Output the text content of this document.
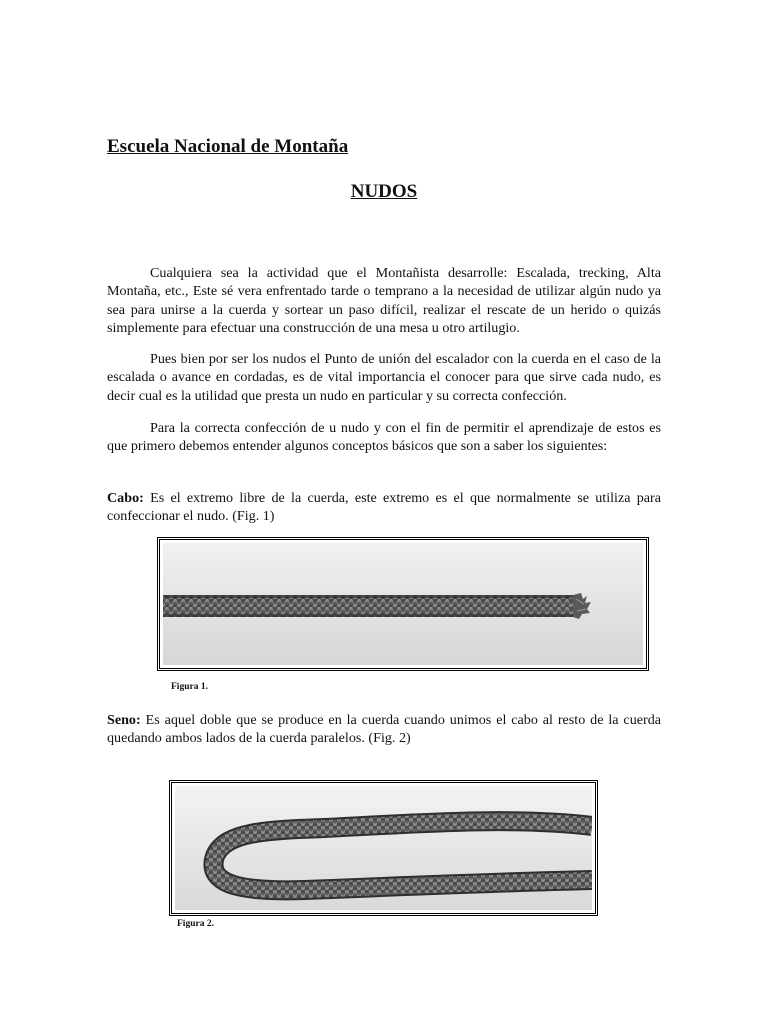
Escuela Nacional de Montaña
NUDOS

Cualquiera sea la actividad que el Montañista desarrolle: Escalada, trecking, Alta Montaña, etc., Este sé vera enfrentado tarde o temprano a la necesidad de utilizar algún nudo ya sea para unirse a la cuerda y sortear un paso difícil, realizar el rescate de un herido o quizás simplemente para efectuar una construcción de una mesa u otro artilugio.

Pues bien por ser los nudos el Punto de unión del escalador con la cuerda en el caso de la escalada o avance en cordadas, es de vital importancia el conocer para que sirve cada nudo, es decir cual es la utilidad que presta un nudo en particular y su correcta confección.

Para la correcta confección de u nudo y con el fin de permitir el aprendizaje de estos es que primero debemos entender algunos conceptos básicos que son a saber los siguientes:

Cabo: Es el extremo libre de la cuerda, este extremo es el que normalmente se utiliza para confeccionar el nudo. (Fig. 1)

Figura 1.

Seno: Es aquel doble que se produce en la cuerda cuando unimos el cabo al resto de la cuerda quedando ambos lados de la cuerda paralelos. (Fig. 2)

Figura 2.
